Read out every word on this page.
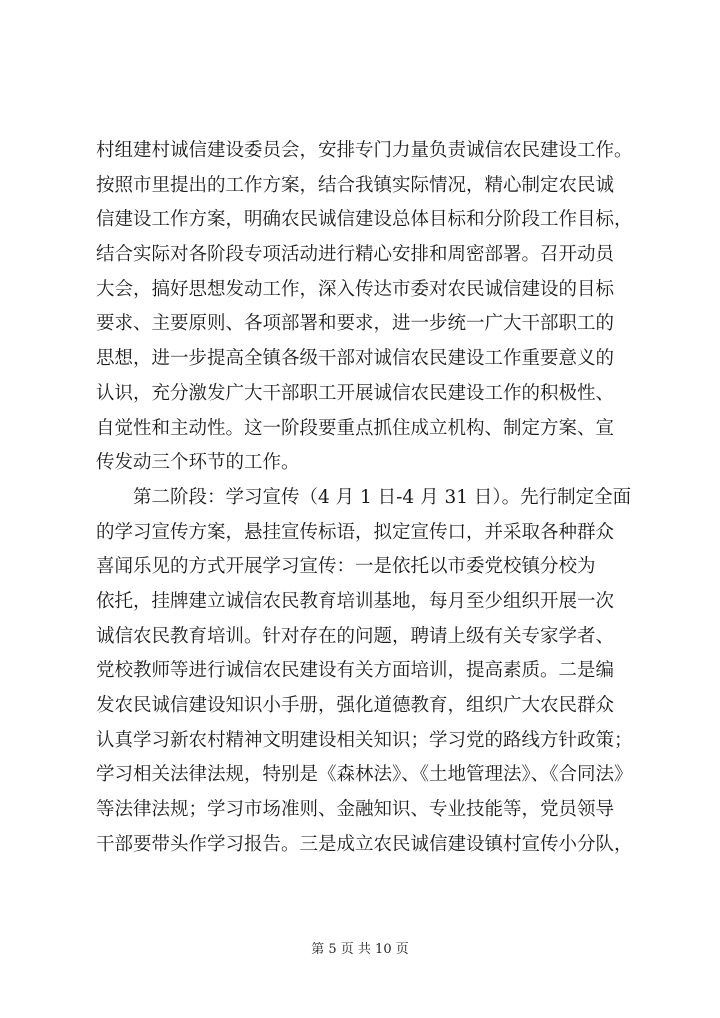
村组建村诚信建设委员会，安排专门力量负责诚信农民建设工作。
按照市里提出的工作方案，结合我镇实际情况，精心制定农民诚
信建设工作方案，明确农民诚信建设总体目标和分阶段工作目标，
结合实际对各阶段专项活动进行精心安排和周密部署。召开动员
大会，搞好思想发动工作，深入传达市委对农民诚信建设的目标
要求、主要原则、各项部署和要求，进一步统一广大干部职工的
思想，进一步提高全镇各级干部对诚信农民建设工作重要意义的
认识，充分激发广大干部职工开展诚信农民建设工作的积极性、
自觉性和主动性。这一阶段要重点抓住成立机构、制定方案、宣
传发动三个环节的工作。
第二阶段：学习宣传（4 月 1 日-4 月 31 日）。先行制定全面
的学习宣传方案，悬挂宣传标语，拟定宣传口，并采取各种群众
喜闻乐见的方式开展学习宣传：一是依托以市委党校镇分校为
依托，挂牌建立诚信农民教育培训基地，每月至少组织开展一次
诚信农民教育培训。针对存在的问题，聘请上级有关专家学者、
党校教师等进行诚信农民建设有关方面培训，提高素质。二是编
发农民诚信建设知识小手册，强化道德教育，组织广大农民群众
认真学习新农村精神文明建设相关知识；学习党的路线方针政策；
学习相关法律法规，特别是《森林法》、《土地管理法》、《合同法》
等法律法规；学习市场准则、金融知识、专业技能等，党员领导
干部要带头作学习报告。三是成立农民诚信建设镇村宣传小分队，
第 5 页 共 10 页
